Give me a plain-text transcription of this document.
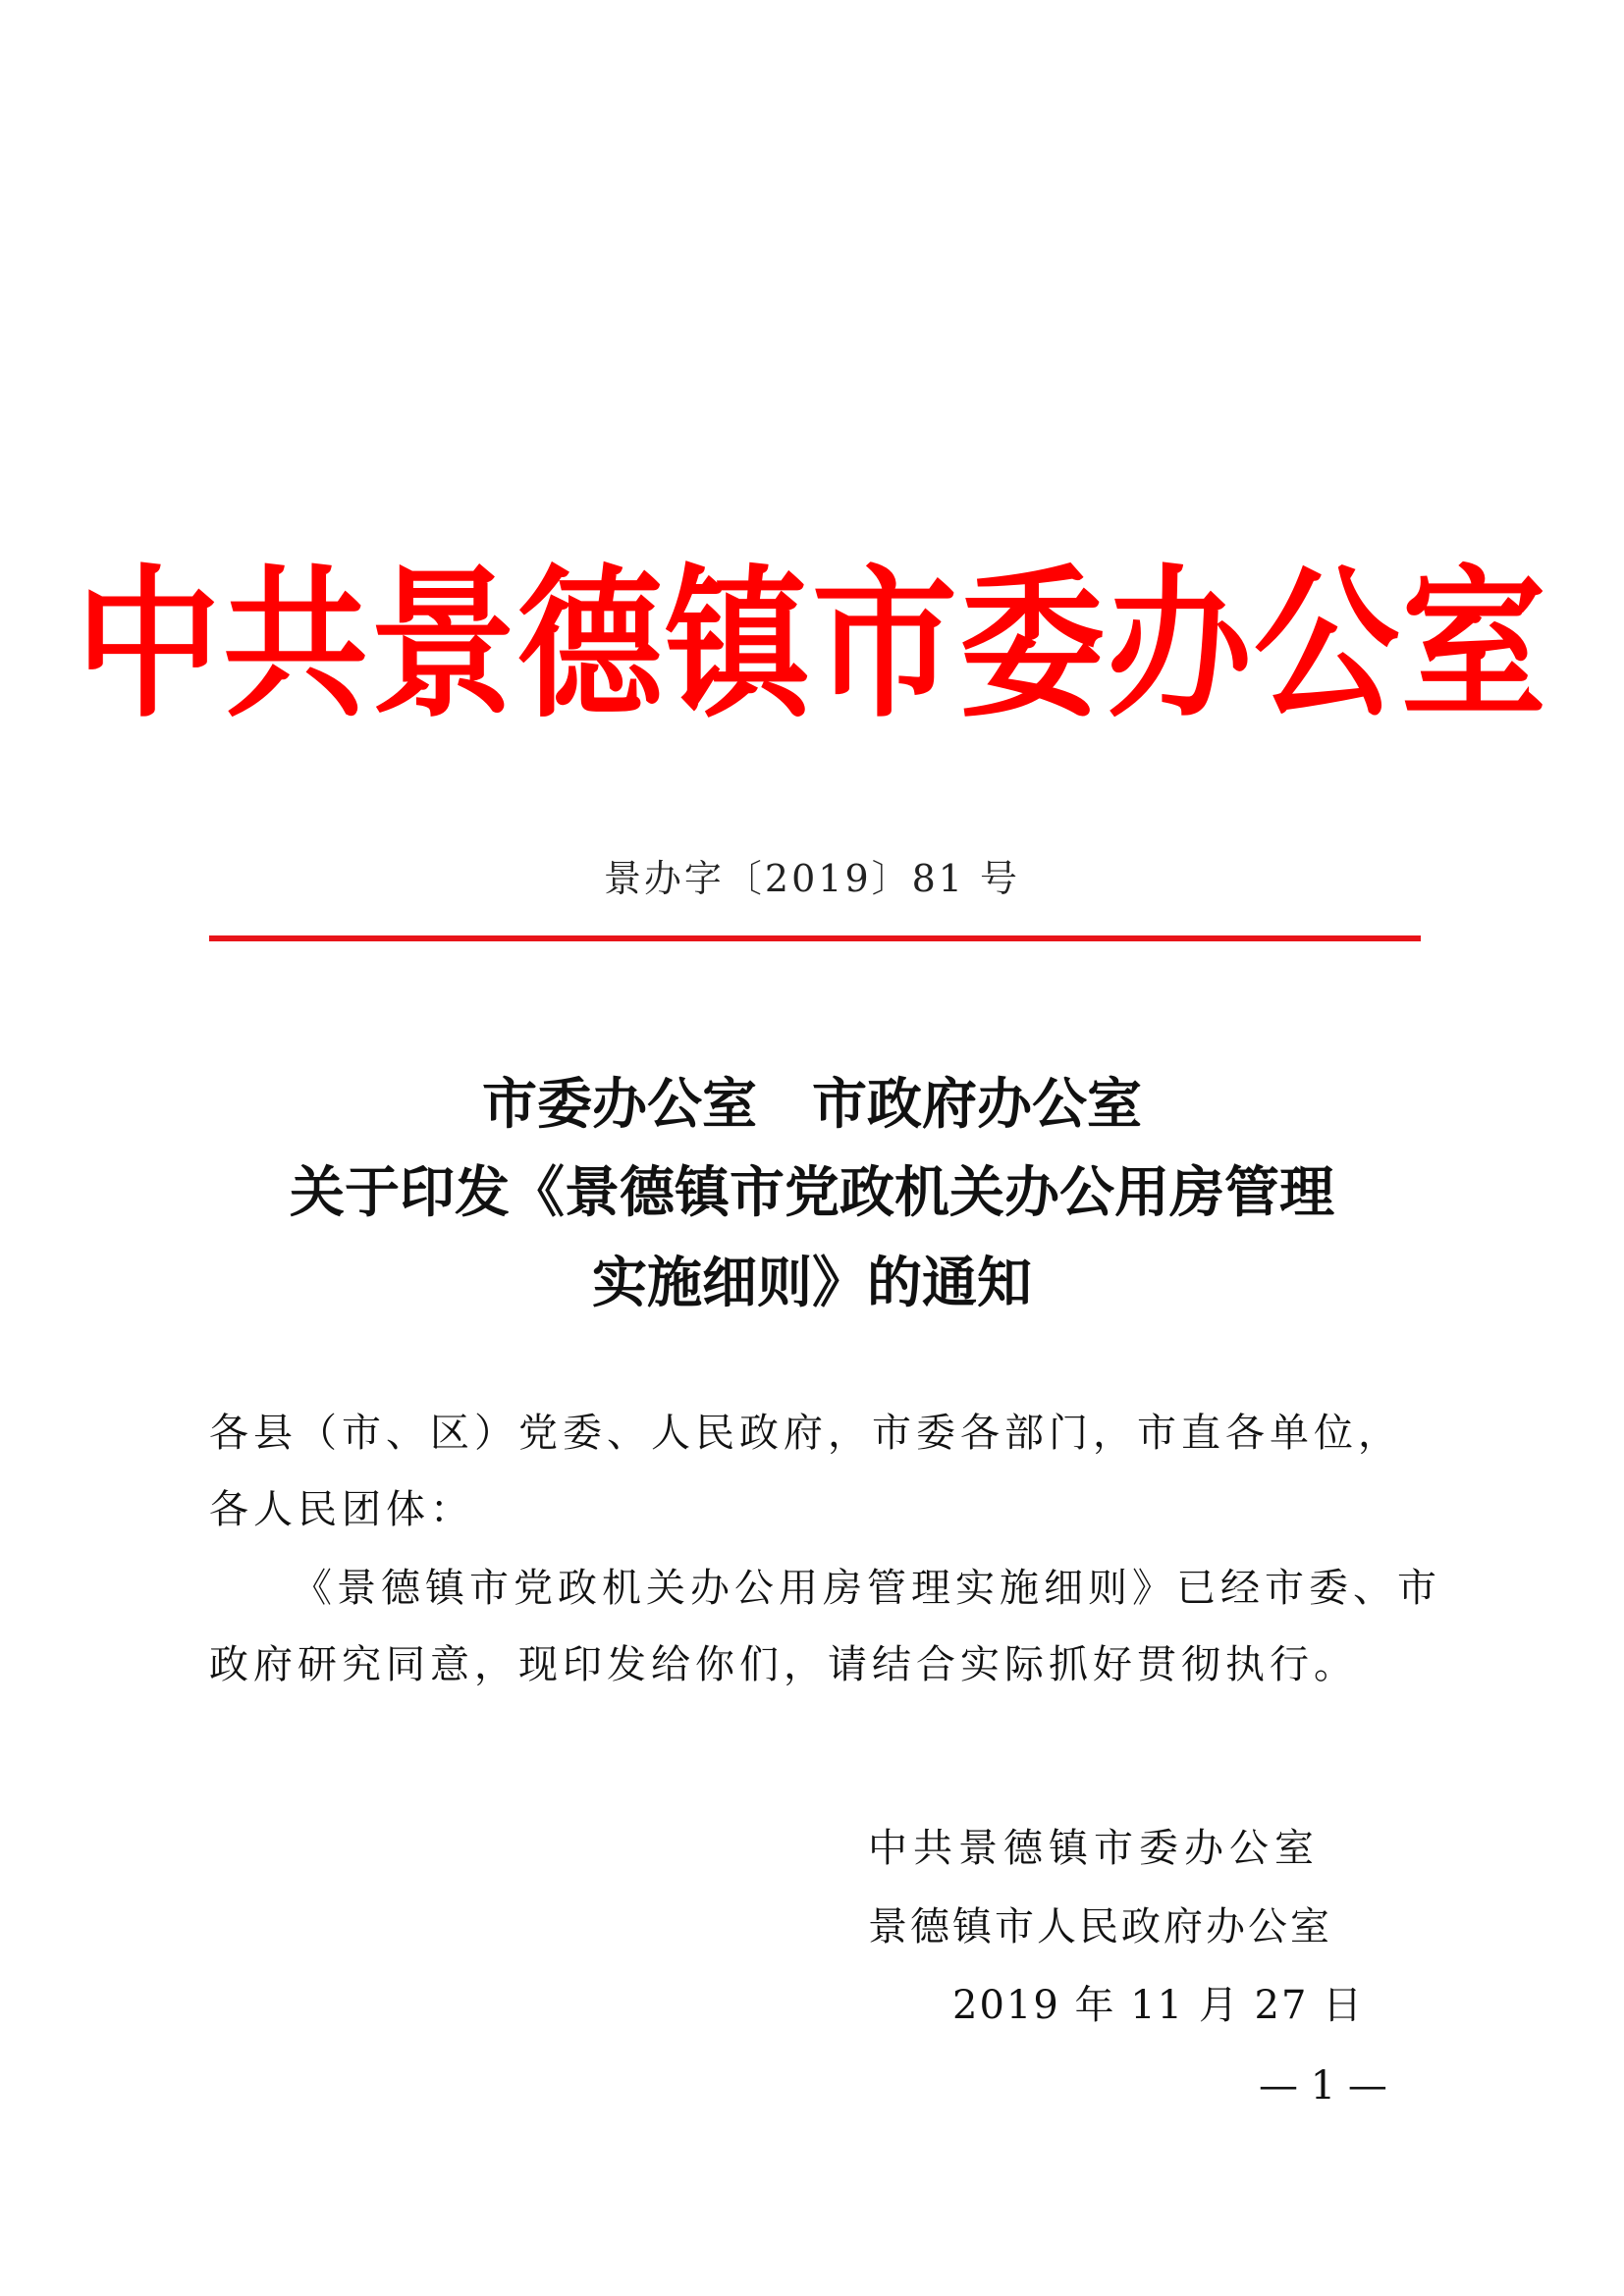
中共景德镇市委办公室
景办字〔2019〕81 号
市委办公室　市政府办公室
关于印发《景德镇市党政机关办公用房管理
实施细则》的通知
各县（市、区）党委、人民政府，市委各部门，市直各单位，
各人民团体：
《景德镇市党政机关办公用房管理实施细则》已经市委、市
政府研究同意，现印发给你们，请结合实际抓好贯彻执行。
中共景德镇市委办公室
景德镇市人民政府办公室
2019 年 11 月 27 日
— 1 —
